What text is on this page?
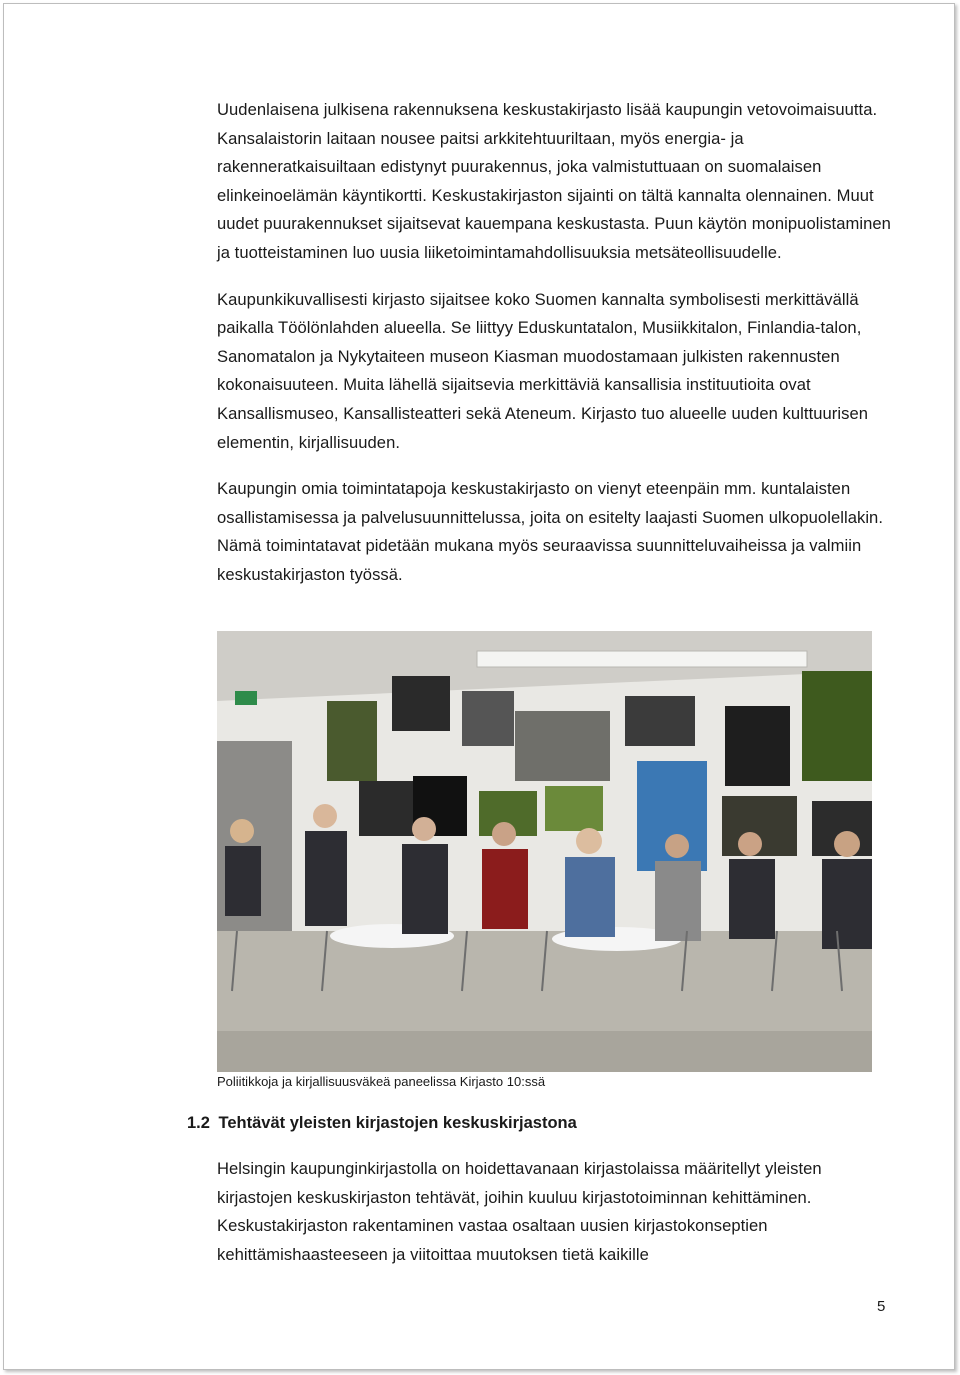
Uudenlaisena julkisena rakennuksena keskustakirjasto lisää kaupungin vetovoimaisuutta. Kansalaistorin laitaan nousee paitsi arkkitehtuuriltaan, myös energia- ja rakenneratkaisuiltaan edistynyt puurakennus, joka valmistuttuaan on suomalaisen elinkeinoelämän käyntikortti. Keskustakirjaston sijainti on tältä kannalta olennainen. Muut uudet puurakennukset sijaitsevat kauempana keskustasta. Puun käytön monipuolistaminen ja tuotteistaminen luo uusia liiketoimintamahdollisuuksia metsäteollisuudelle.

Kaupunkikuvallisesti kirjasto sijaitsee koko Suomen kannalta symbolisesti merkittävällä paikalla Töölönlahden alueella. Se liittyy Eduskuntatalon, Musiikkitalon, Finlandia-talon, Sanomatalon ja Nykytaiteen museon Kiasman muodostamaan julkisten rakennusten kokonaisuuteen. Muita lähellä sijaitsevia merkittäviä kansallisia instituutioita ovat Kansallismuseo, Kansallisteatteri sekä Ateneum. Kirjasto tuo alueelle uuden kulttuurisen elementin, kirjallisuuden.

Kaupungin omia toimintatapoja keskustakirjasto on vienyt eteenpäin mm. kuntalaisten osallistamisessa ja palvelusuunnittelussa, joita on esitelty laajasti Suomen ulkopuolellakin. Nämä toimintatavat pidetään mukana myös seuraavissa suunnitteluvaiheissa ja valmiin keskustakirjaston työssä.

Poliitikkoja ja kirjallisuusväkeä paneelissa Kirjasto 10:ssä
1.2 Tehtävät yleisten kirjastojen keskuskirjastona

Helsingin kaupunginkirjastolla on hoidettavanaan kirjastolaissa määritellyt yleisten kirjastojen keskuskirjaston tehtävät, joihin kuuluu kirjastotoiminnan kehittäminen. Keskustakirjaston rakentaminen vastaa osaltaan uusien kirjastokonseptien kehittämishaasteeseen ja viitoittaa muutoksen tietä kaikille

5
